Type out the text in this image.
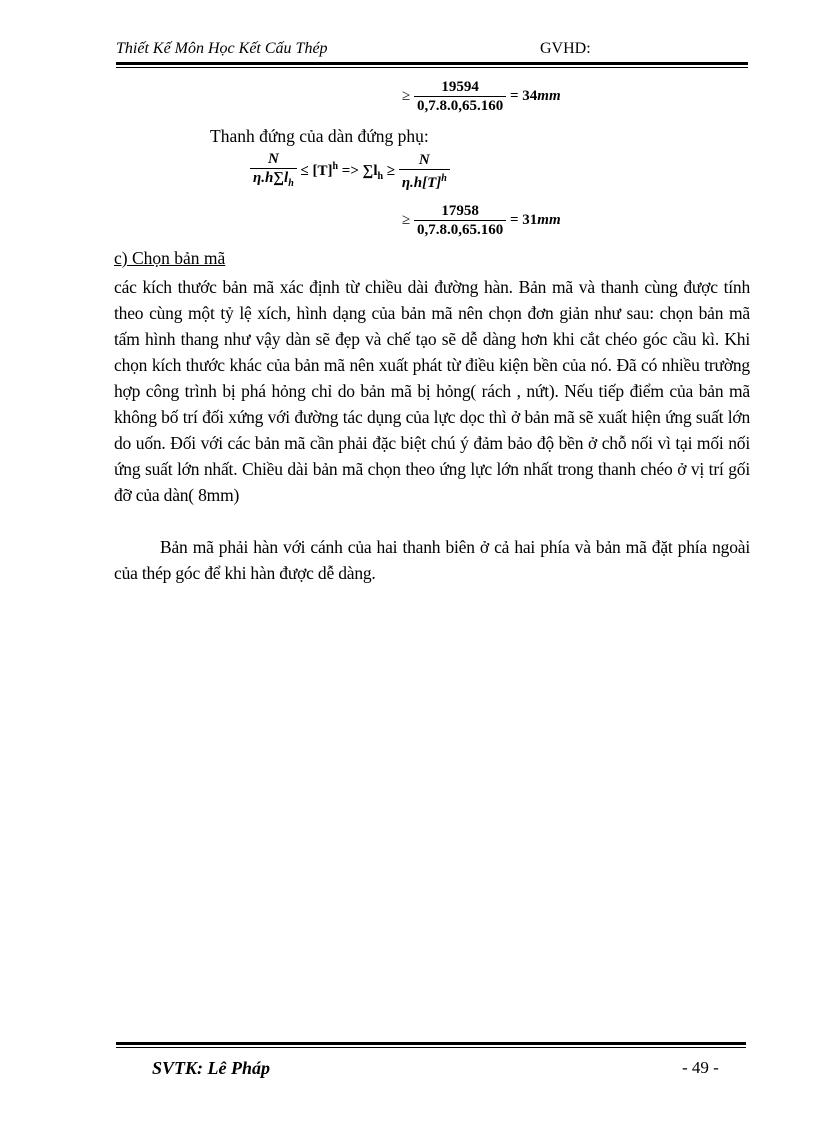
Thiết Kế Môn Học Kết Cấu Thép	GVHD:
≥ $\frac{19594}{0,7.8.0,65.160} = 34mm$
Thanh đứng của dàn đứng phụ:
$\frac{N}{\eta.h\sum l_h} \le [T]^h => \sum l_h \ge \frac{N}{\eta.h[T]^h}$
≥ $\frac{17958}{0,7.8.0,65.160} = 31mm$
c) Chọn bản mã
các kích thước bản mã xác định từ chiều dài đường hàn. Bản mã và thanh cùng được tính theo cùng một tỷ lệ xích, hình dạng của bản mã nên chọn đơn giản như sau: chọn bản mã tấm hình thang như vậy dàn sẽ đẹp và chế tạo sẽ dễ dàng hơn khi cắt chéo góc cầu kì. Khi chọn kích thước khác của bản mã nên xuất phát từ điều kiện bền của nó. Đã có nhiều trường hợp công trình bị phá hỏng chỉ do bản mã bị hỏng( rách , nứt). Nếu tiếp điểm của bản mã không bố trí đối xứng với đường tác dụng của lực dọc thì ở bản mã sẽ xuất hiện ứng suất lớn do uốn. Đối với các bản mã cần phải đặc biệt chú ý đảm bảo độ bền ở chỗ nối vì tại mối nối ứng suất lớn nhất. Chiều dài bản mã chọn theo ứng lực lớn nhất trong thanh chéo ở vị trí gối đỡ của dàn( 8mm)
Bản mã phải hàn với cánh của hai thanh biên ở cả hai phía và bản mã đặt phía ngoài của thép góc để khi hàn được dễ dàng.
SVTK: Lê Pháp	- 49 -
